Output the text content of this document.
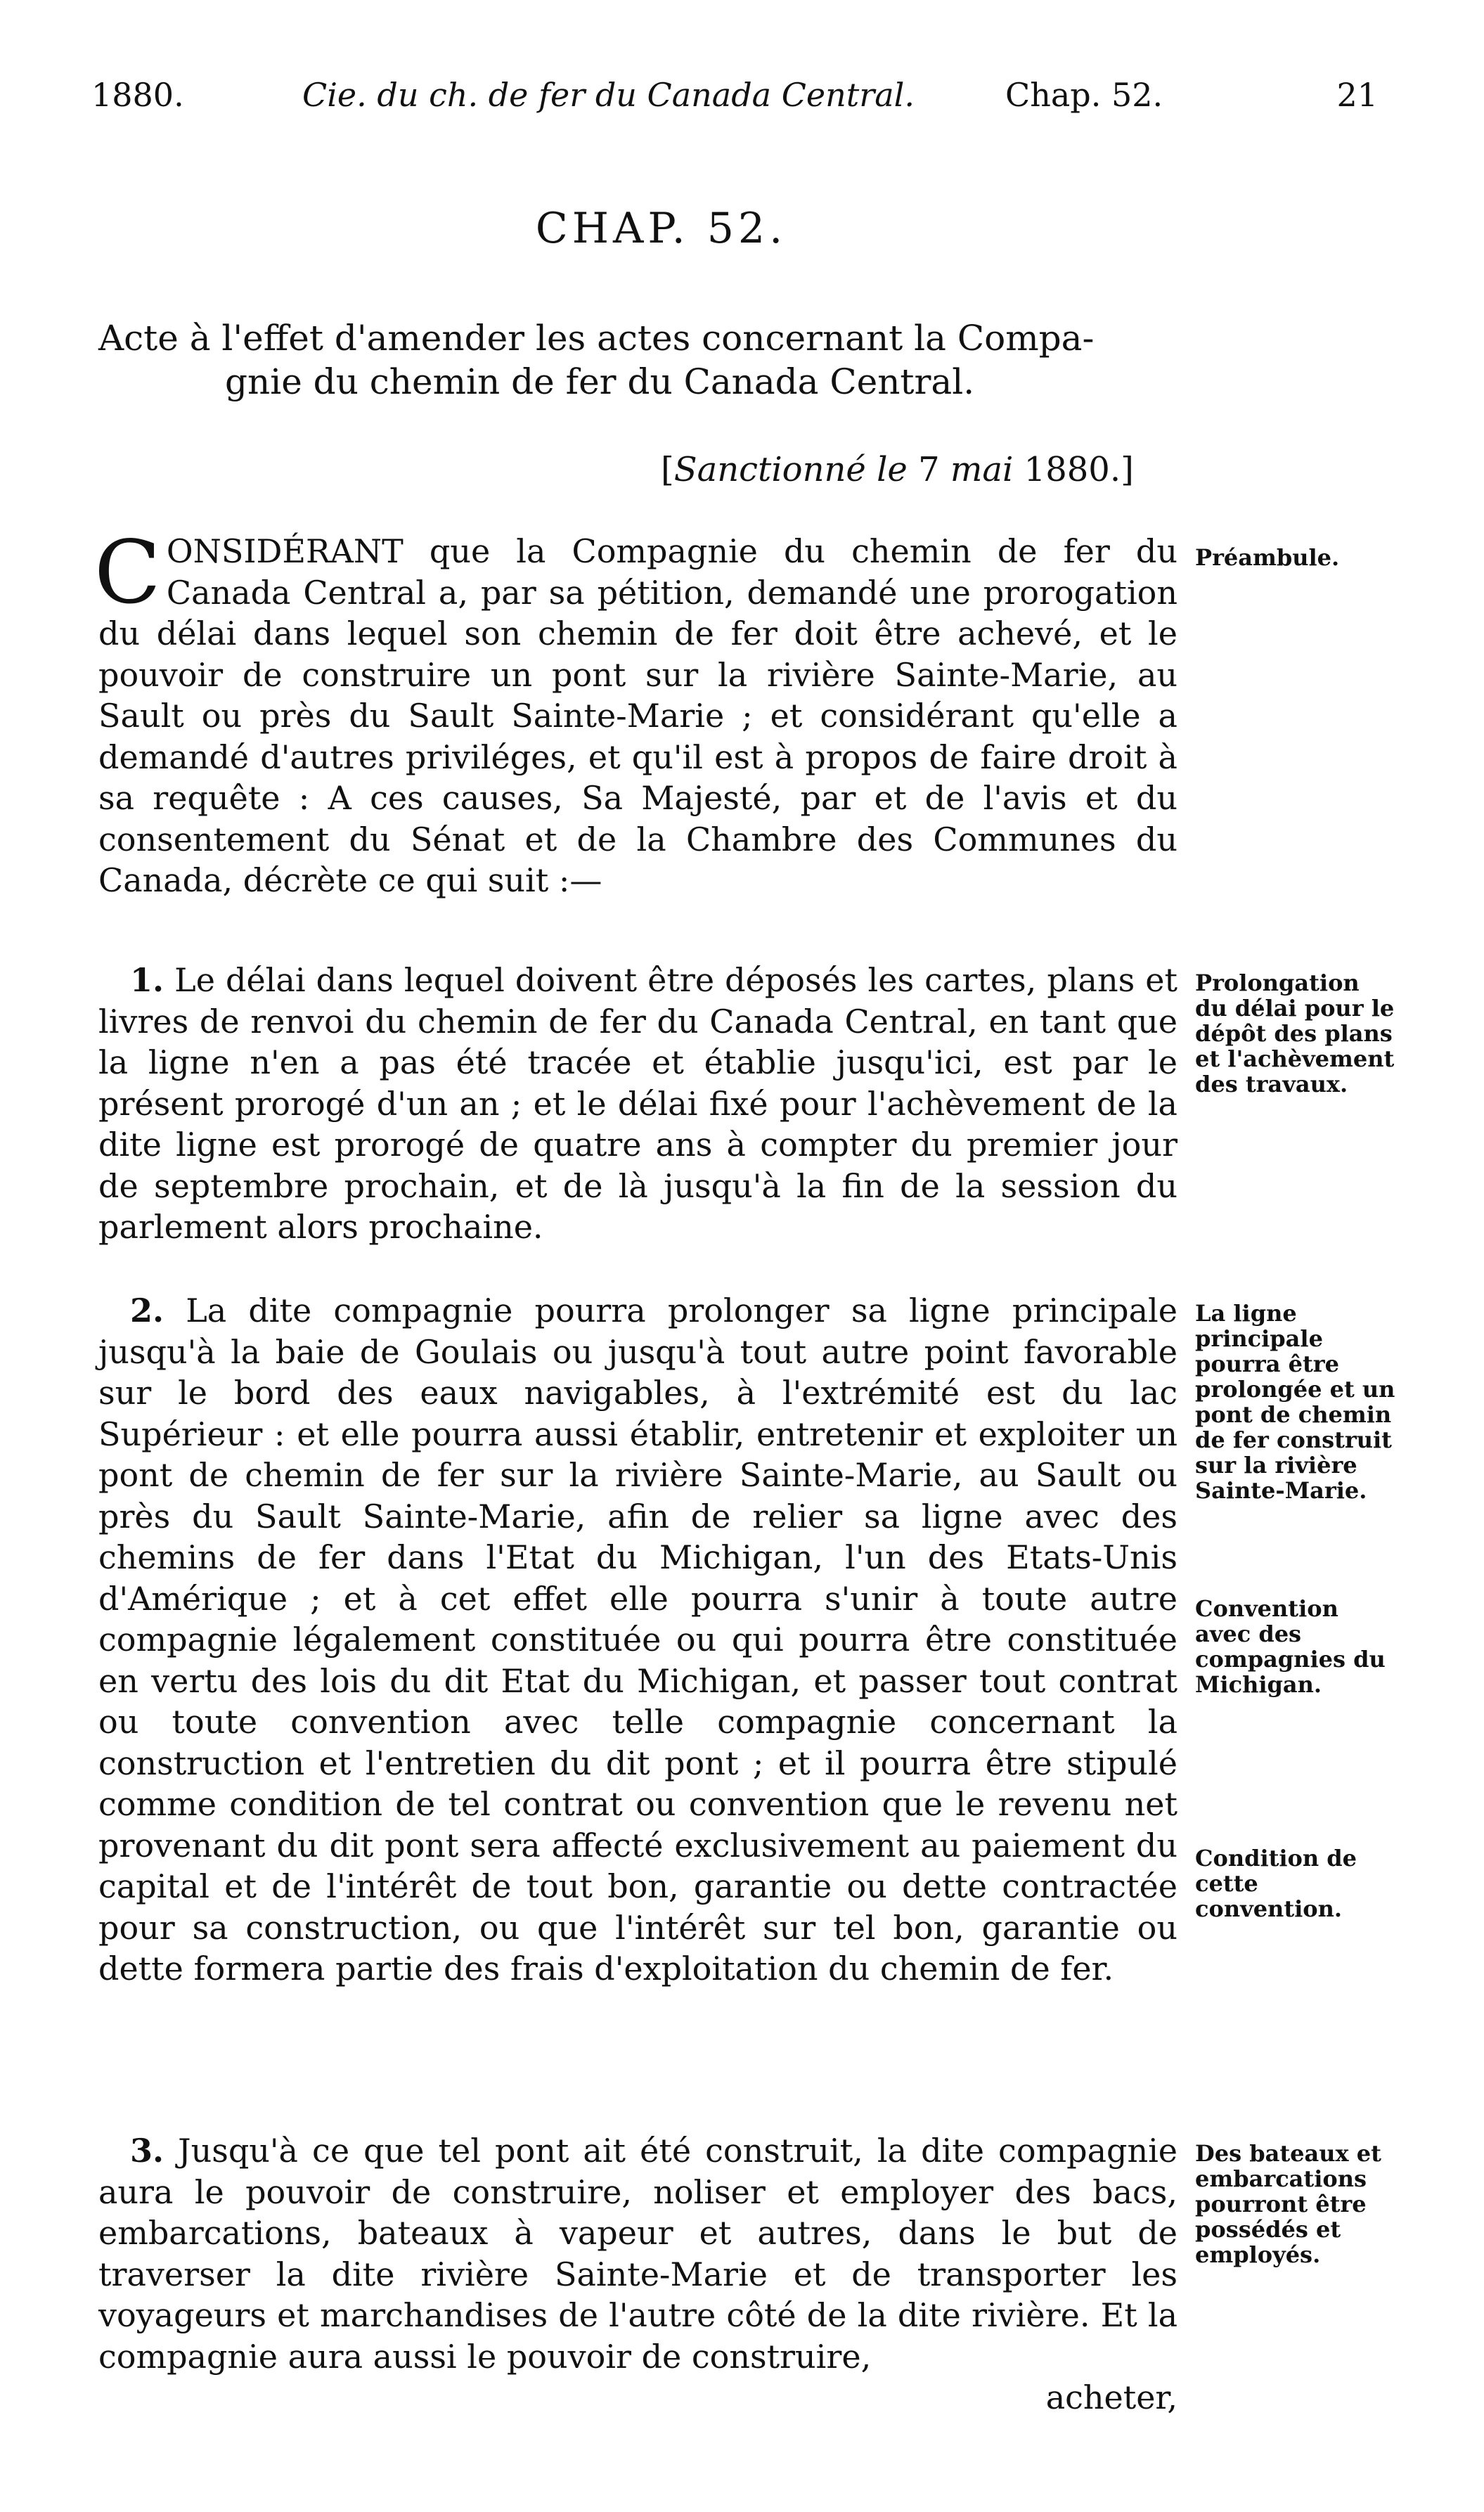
1880.	Cie. du ch. de fer du Canada Central.	Chap. 52.	21
CHAP. 52.
Acte à l'effet d'amender les actes concernant la Compa-
gnie du chemin de fer du Canada Central.
[Sanctionné le 7 mai 1880.]

CONSIDÉRANT que la Compagnie du chemin de fer du Canada Central a, par sa pétition, demandé une prorogation du délai dans lequel son chemin de fer doit être achevé, et le pouvoir de construire un pont sur la rivière Sainte-Marie, au Sault ou près du Sault Sainte-Marie ; et considérant qu'elle a demandé d'autres priviléges, et qu'il est à propos de faire droit à sa requête : A ces causes, Sa Majesté, par et de l'avis et du consentement du Sénat et de la Chambre des Communes du Canada, décrète ce qui suit :—

Préambule.

1. Le délai dans lequel doivent être déposés les cartes, plans et livres de renvoi du chemin de fer du Canada Central, en tant que la ligne n'en a pas été tracée et établie jusqu'ici, est par le présent prorogé d'un an ; et le délai fixé pour l'achèvement de la dite ligne est prorogé de quatre ans à compter du premier jour de septembre prochain, et de là jusqu'à la fin de la session du parlement alors prochaine.

Prolongation du délai pour le dépôt des plans et l'achèvement des travaux.

2. La dite compagnie pourra prolonger sa ligne principale jusqu'à la baie de Goulais ou jusqu'à tout autre point favorable sur le bord des eaux navigables, à l'extrémité est du lac Supérieur : et elle pourra aussi établir, entretenir et exploiter un pont de chemin de fer sur la rivière Sainte-Marie, au Sault ou près du Sault Sainte-Marie, afin de relier sa ligne avec des chemins de fer dans l'Etat du Michigan, l'un des Etats-Unis d'Amérique ; et à cet effet elle pourra s'unir à toute autre compagnie légalement constituée ou qui pourra être constituée en vertu des lois du dit Etat du Michigan, et passer tout contrat ou toute convention avec telle compagnie concernant la construction et l'entretien du dit pont ; et il pourra être stipulé comme condition de tel contrat ou convention que le revenu net provenant du dit pont sera affecté exclusivement au paiement du capital et de l'intérêt de tout bon, garantie ou dette contractée pour sa construction, ou que l'intérêt sur tel bon, garantie ou dette formera partie des frais d'exploitation du chemin de fer.

La ligne principale pourra être prolongée et un pont de chemin de fer construit sur la rivière Sainte-Marie.
Convention avec des compagnies du Michigan.
Condition de cette convention.

3. Jusqu'à ce que tel pont ait été construit, la dite compagnie aura le pouvoir de construire, noliser et employer des bacs, embarcations, bateaux à vapeur et autres, dans le but de traverser la dite rivière Sainte-Marie et de transporter les voyageurs et marchandises de l'autre côté de la dite rivière. Et la compagnie aura aussi le pouvoir de construire,

acheter,

Des bateaux et embarcations pourront être possédés et employés.
